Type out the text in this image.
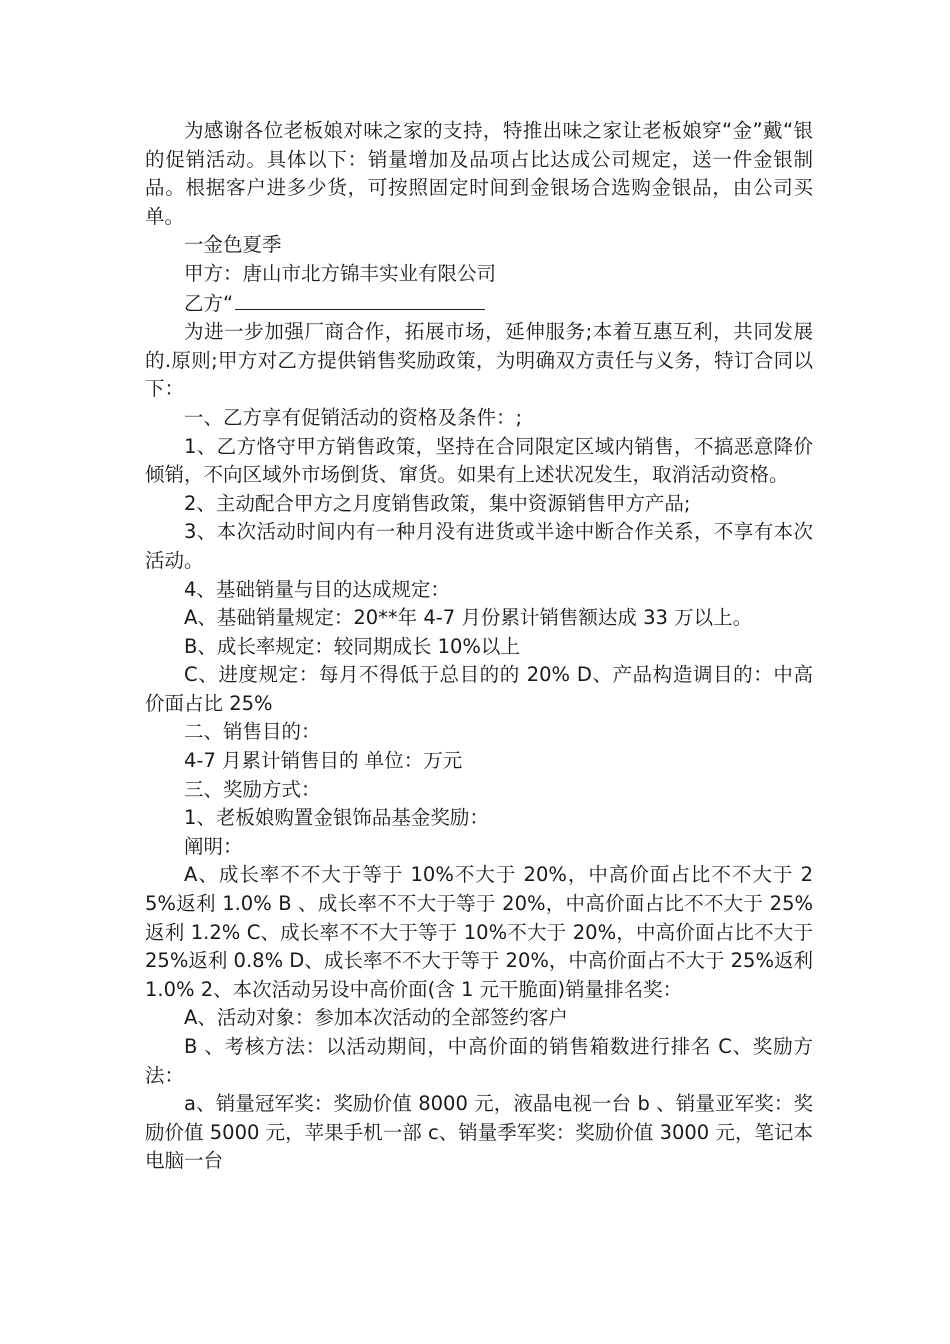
为感谢各位老板娘对味之家的支持，特推出味之家让老板娘穿“金”戴“银的促销活动。具体以下：销量增加及品项占比达成公司规定，送一件金银制品。根据客户进多少货，可按照固定时间到金银场合选购金银品，由公司买单。

一金色夏季

甲方：唐山市北方锦丰实业有限公司

乙方“

为进一步加强厂商合作，拓展市场，延伸服务;本着互惠互利，共同发展的.原则;甲方对乙方提供销售奖励政策，为明确双方责任与义务，特订合同以下：

一、乙方享有促销活动的资格及条件：;

1、乙方恪守甲方销售政策，坚持在合同限定区域内销售，不搞恶意降价倾销，不向区域外市场倒货、窜货。如果有上述状况发生，取消活动资格。

2、主动配合甲方之月度销售政策，集中资源销售甲方产品;

3、本次活动时间内有一种月没有进货或半途中断合作关系，不享有本次活动。

4、基础销量与目的达成规定：

A、基础销量规定：20**年 4-7 月份累计销售额达成 33 万以上。

B、成长率规定：较同期成长 10%以上

C、进度规定：每月不得低于总目的的 20% D、产品构造调目的：中高价面占比 25%

二、销售目的：

4-7 月累计销售目的 单位：万元

三、奖励方式：

1、老板娘购置金银饰品基金奖励：

阐明：

A、成长率不不大于等于 10%不大于 20%，中高价面占比不不大于 25%返利 1.0% B 、成长率不不大于等于 20%，中高价面占比不不大于 25%返利 1.2% C、成长率不不大于等于 10%不大于 20%，中高价面占比不大于 25%返利 0.8% D、成长率不不大于等于 20%，中高价面占不大于 25%返利 1.0% 2、本次活动另设中高价面(含 1 元干脆面)销量排名奖：

A、活动对象：参加本次活动的全部签约客户

B 、考核方法：以活动期间，中高价面的销售箱数进行排名 C、奖励方法：

a、销量冠军奖：奖励价值 8000 元，液晶电视一台 b 、销量亚军奖：奖励价值 5000 元，苹果手机一部 c、销量季军奖：奖励价值 3000 元，笔记本电脑一台
